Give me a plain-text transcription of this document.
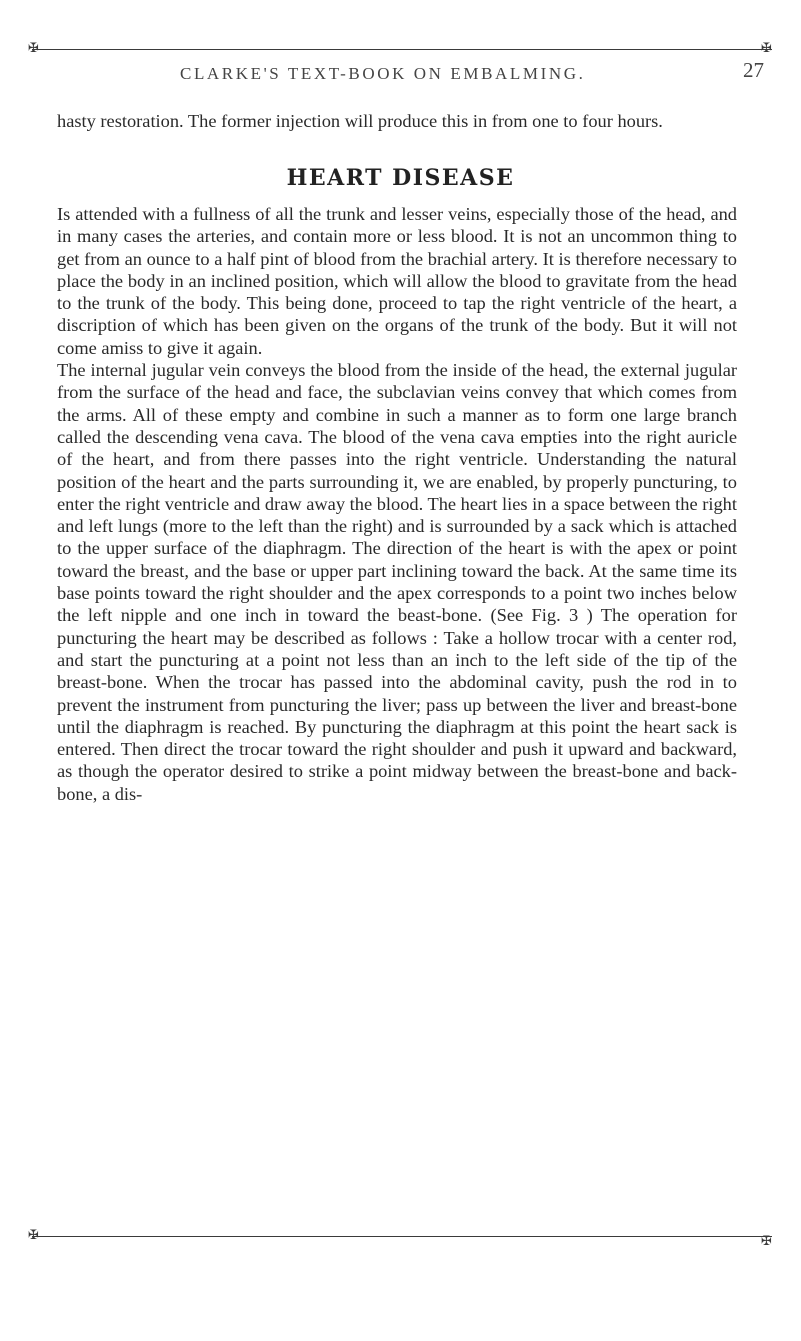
✠	✠
CLARKE'S TEXT-BOOK ON EMBALMING.	27

hasty restoration. The former injection will produce this in from one to four hours.

HEART DISEASE

Is attended with a fullness of all the trunk and lesser veins, especially those of the head, and in many cases the arteries, and contain more or less blood. It is not an uncommon thing to get from an ounce to a half pint of blood from the brachial artery. It is therefore necessary to place the body in an inclined position, which will allow the blood to gravitate from the head to the trunk of the body. This being done, proceed to tap the right ventricle of the heart, a discription of which has been given on the organs of the trunk of the body. But it will not come amiss to give it again.

The internal jugular vein conveys the blood from the inside of the head, the external jugular from the surface of the head and face, the subclavian veins convey that which comes from the arms. All of these empty and combine in such a manner as to form one large branch called the descending vena cava. The blood of the vena cava empties into the right auricle of the heart, and from there passes into the right ventricle. Understanding the natural position of the heart and the parts surrounding it, we are enabled, by properly puncturing, to enter the right ventricle and draw away the blood. The heart lies in a space between the right and left lungs (more to the left than the right) and is surrounded by a sack which is attached to the upper surface of the diaphragm. The direction of the heart is with the apex or point toward the breast, and the base or upper part inclining toward the back. At the same time its base points toward the right shoulder and the apex corresponds to a point two inches below the left nipple and one inch in toward the beast-bone. (See Fig. 3 ) The operation for puncturing the heart may be described as follows : Take a hollow trocar with a center rod, and start the puncturing at a point not less than an inch to the left side of the tip of the breast-bone. When the trocar has passed into the abdominal cavity, push the rod in to prevent the instrument from puncturing the liver; pass up between the liver and breast-bone until the diaphragm is reached. By puncturing the diaphragm at this point the heart sack is entered. Then direct the trocar toward the right shoulder and push it upward and backward, as though the operator desired to strike a point midway between the breast-bone and back-bone, a dis-

✠	✠
